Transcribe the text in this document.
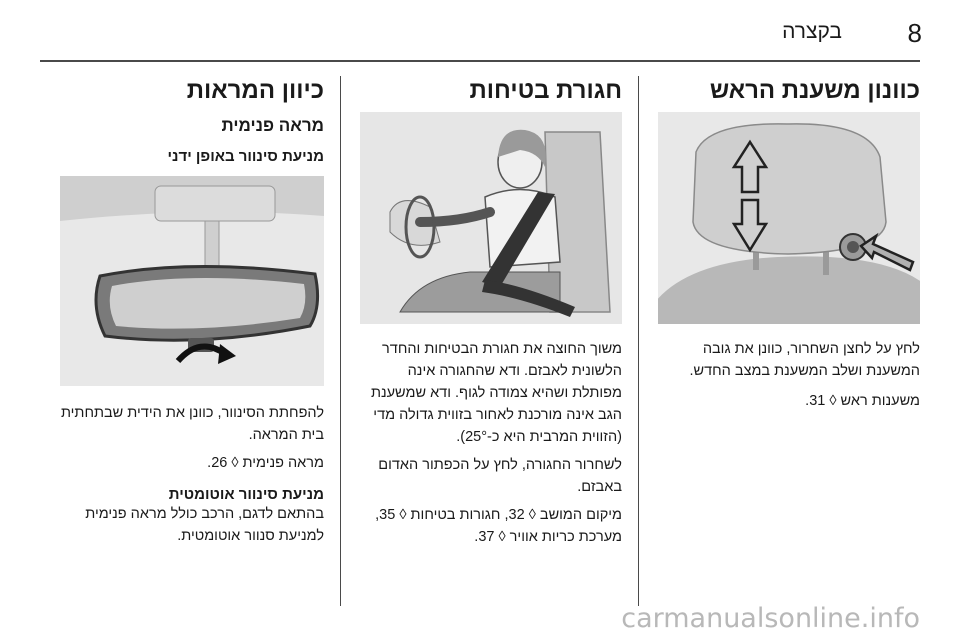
8
בקצרה
כוונון משענת הראש

לחץ על לחצן השחרור, כוונן את גובה המשענת ושלב המשענת במצב החדש.

משענות ראש ◊ 31.

חגורת בטיחות

משוך החוצה את חגורת הבטיחות והחדר הלשונית לאבזם. ודא שהחגורה אינה מפותלת ושהיא צמודה לגוף. ודא שמשענת הגב אינה מורכנת לאחור בזווית גדולה מדי (הזווית המרבית היא כ-25°).

לשחרור החגורה, לחץ על הכפתור האדום באבזם.

מיקום המושב ◊ 32, חגורות בטיחות ◊ 35, מערכת כריות אוויר ◊ 37.

כיוון המראות
מראה פנימית
מניעת סינוור באופן ידני

להפחתת הסינוור, כוונן את הידית שבתחתית בית המראה.

מראה פנימית ◊ 26.

מניעת סינוור אוטומטית

בהתאם לדגם, הרכב כולל מראה פנימית למניעת סנוור אוטומטית.

carmanualsonline.info
